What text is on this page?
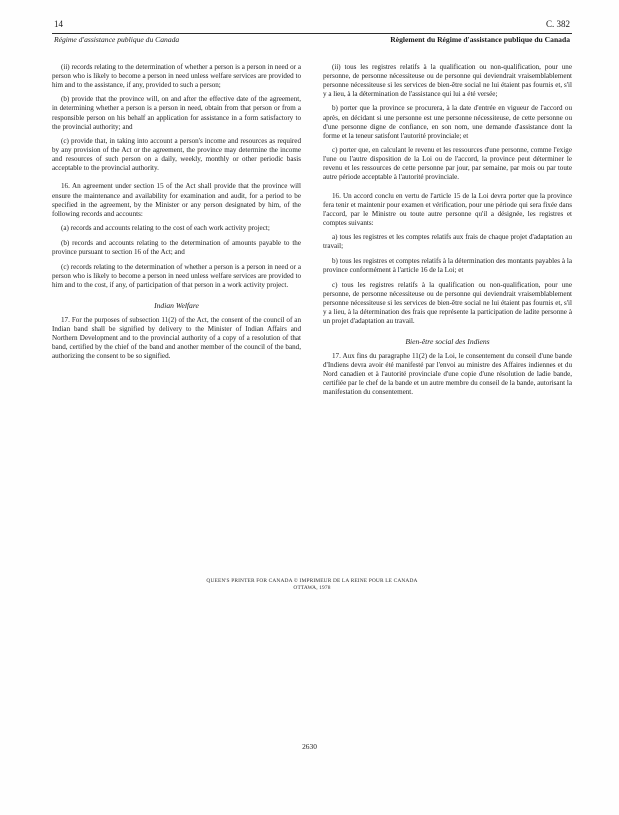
14	C. 382
Régime d'assistance publique du Canada	Règlement du Régime d'assistance publique du Canada

(ii) records relating to the determination of whether a person is a person in need or a person who is likely to become a person in need unless welfare services are provided to him and to the assistance, if any, provided to such a person;

(b) provide that the province will, on and after the effective date of the agreement, in determining whether a person is a person in need, obtain from that person or from a responsible person on his behalf an application for assistance in a form satisfactory to the provincial authority; and

(c) provide that, in taking into account a person's income and resources as required by any provision of the Act or the agreement, the province may determine the income and resources of such person on a daily, weekly, monthly or other periodic basis acceptable to the provincial authority.

16. An agreement under section 15 of the Act shall provide that the province will ensure the maintenance and availability for examination and audit, for a period to be specified in the agreement, by the Minister or any person designated by him, of the following records and accounts:

(a) records and accounts relating to the cost of each work activity project;

(b) records and accounts relating to the determination of amounts payable to the province pursuant to section 16 of the Act; and

(c) records relating to the determination of whether a person is a person in need or a person who is likely to become a person in need unless welfare services are provided to him and to the cost, if any, of participation of that person in a work activity project.

Indian Welfare

17. For the purposes of subsection 11(2) of the Act, the consent of the council of an Indian band shall be signified by delivery to the Minister of Indian Affairs and Northern Development and to the provincial authority of a copy of a resolution of that band, certified by the chief of the band and another member of the council of the band, authorizing the consent to be so signified.

(ii) tous les registres relatifs à la qualification ou non-qualification, pour une personne, de personne nécessiteuse ou de personne qui deviendrait vraisemblablement personne nécessiteuse si les services de bien-être social ne lui étaient pas fournis et, s'il y a lieu, à la détermination de l'assistance qui lui a été versée;

b) porter que la province se procurera, à la date d'entrée en vigueur de l'accord ou après, en décidant si une personne est une personne nécessiteuse, de cette personne ou d'une personne digne de confiance, en son nom, une demande d'assistance dont la forme et la teneur satisfont l'autorité provinciale; et

c) porter que, en calculant le revenu et les ressources d'une personne, comme l'exige l'une ou l'autre disposition de la Loi ou de l'accord, la province peut déterminer le revenu et les ressources de cette personne par jour, par semaine, par mois ou par toute autre période acceptable à l'autorité provinciale.

16. Un accord conclu en vertu de l'article 15 de la Loi devra porter que la province fera tenir et maintenir pour examen et vérification, pour une période qui sera fixée dans l'accord, par le Ministre ou toute autre personne qu'il a désignée, les registres et comptes suivants:

a) tous les registres et les comptes relatifs aux frais de chaque projet d'adaptation au travail;

b) tous les registres et comptes relatifs à la détermination des montants payables à la province conformément à l'article 16 de la Loi; et

c) tous les registres relatifs à la qualification ou non-qualification, pour une personne, de personne nécessiteuse ou de personne qui deviendrait vraisemblablement personne nécessiteuse si les services de bien-être social ne lui étaient pas fournis et, s'il y a lieu, à la détermination des frais que représente la participation de ladite personne à un projet d'adaptation au travail.

Bien-être social des Indiens

17. Aux fins du paragraphe 11(2) de la Loi, le consentement du conseil d'une bande d'Indiens devra avoir été manifesté par l'envoi au ministre des Affaires indiennes et du Nord canadien et à l'autorité provinciale d'une copie d'une résolution de ladie bande, certifiée par le chef de la bande et un autre membre du conseil de la bande, autorisant la manifestation du consentement.

QUEEN'S PRINTER FOR CANADA © IMPRIMEUR DE LA REINE POUR LE CANADA
OTTAWA, 1978
2630
